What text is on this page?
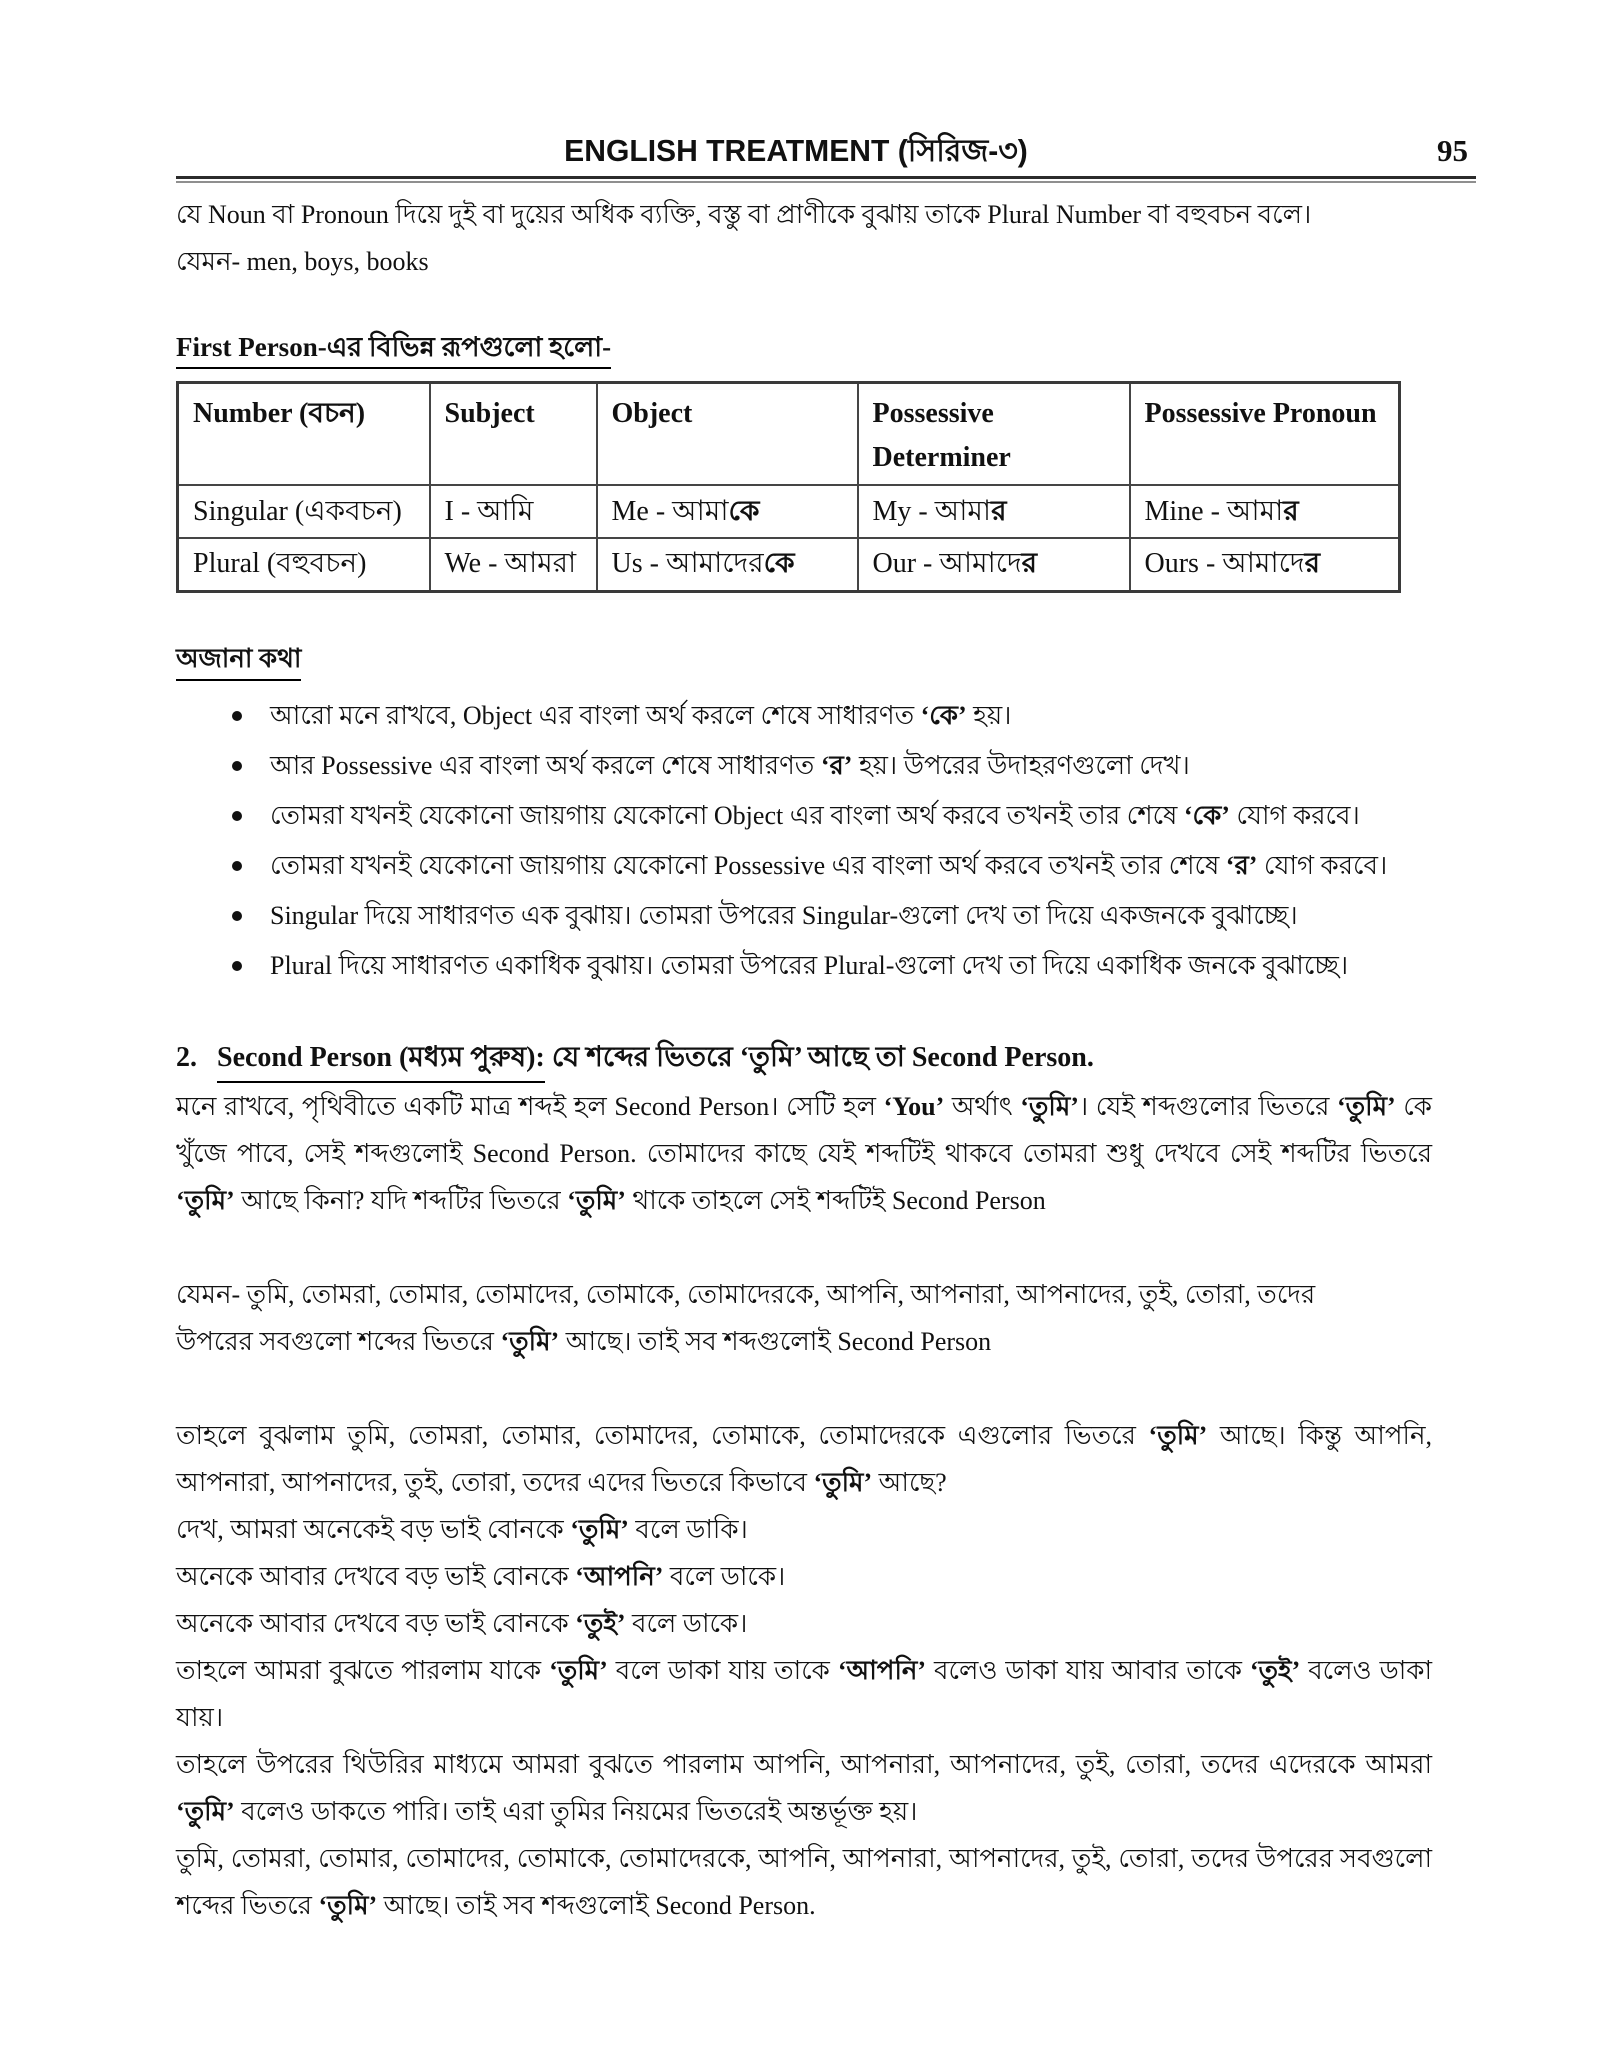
ENGLISH TREATMENT (সিরিজ-৩)	95
যে Noun বা Pronoun দিয়ে দুই বা দুয়ের অধিক ব্যক্তি, বস্তু বা প্রাণীকে বুঝায় তাকে Plural Number বা বহুবচন বলে।
যেমন- men, boys, books
First Person-এর বিভিন্ন রূপগুলো হলো-
Number (বচন)	Subject	Object	Possessive Determiner	Possessive Pronoun
Singular (একবচন)	I - আমি	Me - আমাকে	My - আমার	Mine - আমার
Plural (বহুবচন)	We - আমরা	Us - আমাদেরকে	Our - আমাদের	Ours - আমাদের
অজানা কথা
আরো মনে রাখবে, Object এর বাংলা অর্থ করলে শেষে সাধারণত ‘কে’ হয়।
আর Possessive এর বাংলা অর্থ করলে শেষে সাধারণত ‘র’ হয়। উপরের উদাহরণগুলো দেখ।
তোমরা যখনই যেকোনো জায়গায় যেকোনো Object এর বাংলা অর্থ করবে তখনই তার শেষে ‘কে’ যোগ করবে।
তোমরা যখনই যেকোনো জায়গায় যেকোনো Possessive এর বাংলা অর্থ করবে তখনই তার শেষে ‘র’ যোগ করবে।
Singular দিয়ে সাধারণত এক বুঝায়। তোমরা উপরের Singular-গুলো দেখ তা দিয়ে একজনকে বুঝাচ্ছে।
Plural দিয়ে সাধারণত একাধিক বুঝায়। তোমরা উপরের Plural-গুলো দেখ তা দিয়ে একাধিক জনকে বুঝাচ্ছে।
2. Second Person (মধ্যম পুরুষ): যে শব্দের ভিতরে ‘তুমি’ আছে তা Second Person.
মনে রাখবে, পৃথিবীতে একটি মাত্র শব্দই হল Second Person। সেটি হল ‘You’ অর্থাৎ ‘তুমি’। যেই শব্দগুলোর ভিতরে ‘তুমি’ কে খুঁজে পাবে, সেই শব্দগুলোই Second Person. তোমাদের কাছে যেই শব্দটিই থাকবে তোমরা শুধু দেখবে সেই শব্দটির ভিতরে ‘তুমি’ আছে কিনা? যদি শব্দটির ভিতরে ‘তুমি’ থাকে তাহলে সেই শব্দটিই Second Person
যেমন- তুমি, তোমরা, তোমার, তোমাদের, তোমাকে, তোমাদেরকে, আপনি, আপনারা, আপনাদের, তুই, তোরা, তদের
উপরের সবগুলো শব্দের ভিতরে ‘তুমি’ আছে। তাই সব শব্দগুলোই Second Person
তাহলে বুঝলাম তুমি, তোমরা, তোমার, তোমাদের, তোমাকে, তোমাদেরকে এগুলোর ভিতরে ‘তুমি’ আছে। কিন্তু আপনি, আপনারা, আপনাদের, তুই, তোরা, তদের এদের ভিতরে কিভাবে ‘তুমি’ আছে?
দেখ, আমরা অনেকেই বড় ভাই বোনকে ‘তুমি’ বলে ডাকি।
অনেকে আবার দেখবে বড় ভাই বোনকে ‘আপনি’ বলে ডাকে।
অনেকে আবার দেখবে বড় ভাই বোনকে ‘তুই’ বলে ডাকে।
তাহলে আমরা বুঝতে পারলাম যাকে ‘তুমি’ বলে ডাকা যায় তাকে ‘আপনি’ বলেও ডাকা যায় আবার তাকে ‘তুই’ বলেও ডাকা যায়।
তাহলে উপরের থিউরির মাধ্যমে আমরা বুঝতে পারলাম আপনি, আপনারা, আপনাদের, তুই, তোরা, তদের এদেরকে আমরা ‘তুমি’ বলেও ডাকতে পারি। তাই এরা তুমির নিয়মের ভিতরেই অন্তর্ভূক্ত হয়।
তুমি, তোমরা, তোমার, তোমাদের, তোমাকে, তোমাদেরকে, আপনি, আপনারা, আপনাদের, তুই, তোরা, তদের উপরের সবগুলো শব্দের ভিতরে ‘তুমি’ আছে। তাই সব শব্দগুলোই Second Person.
